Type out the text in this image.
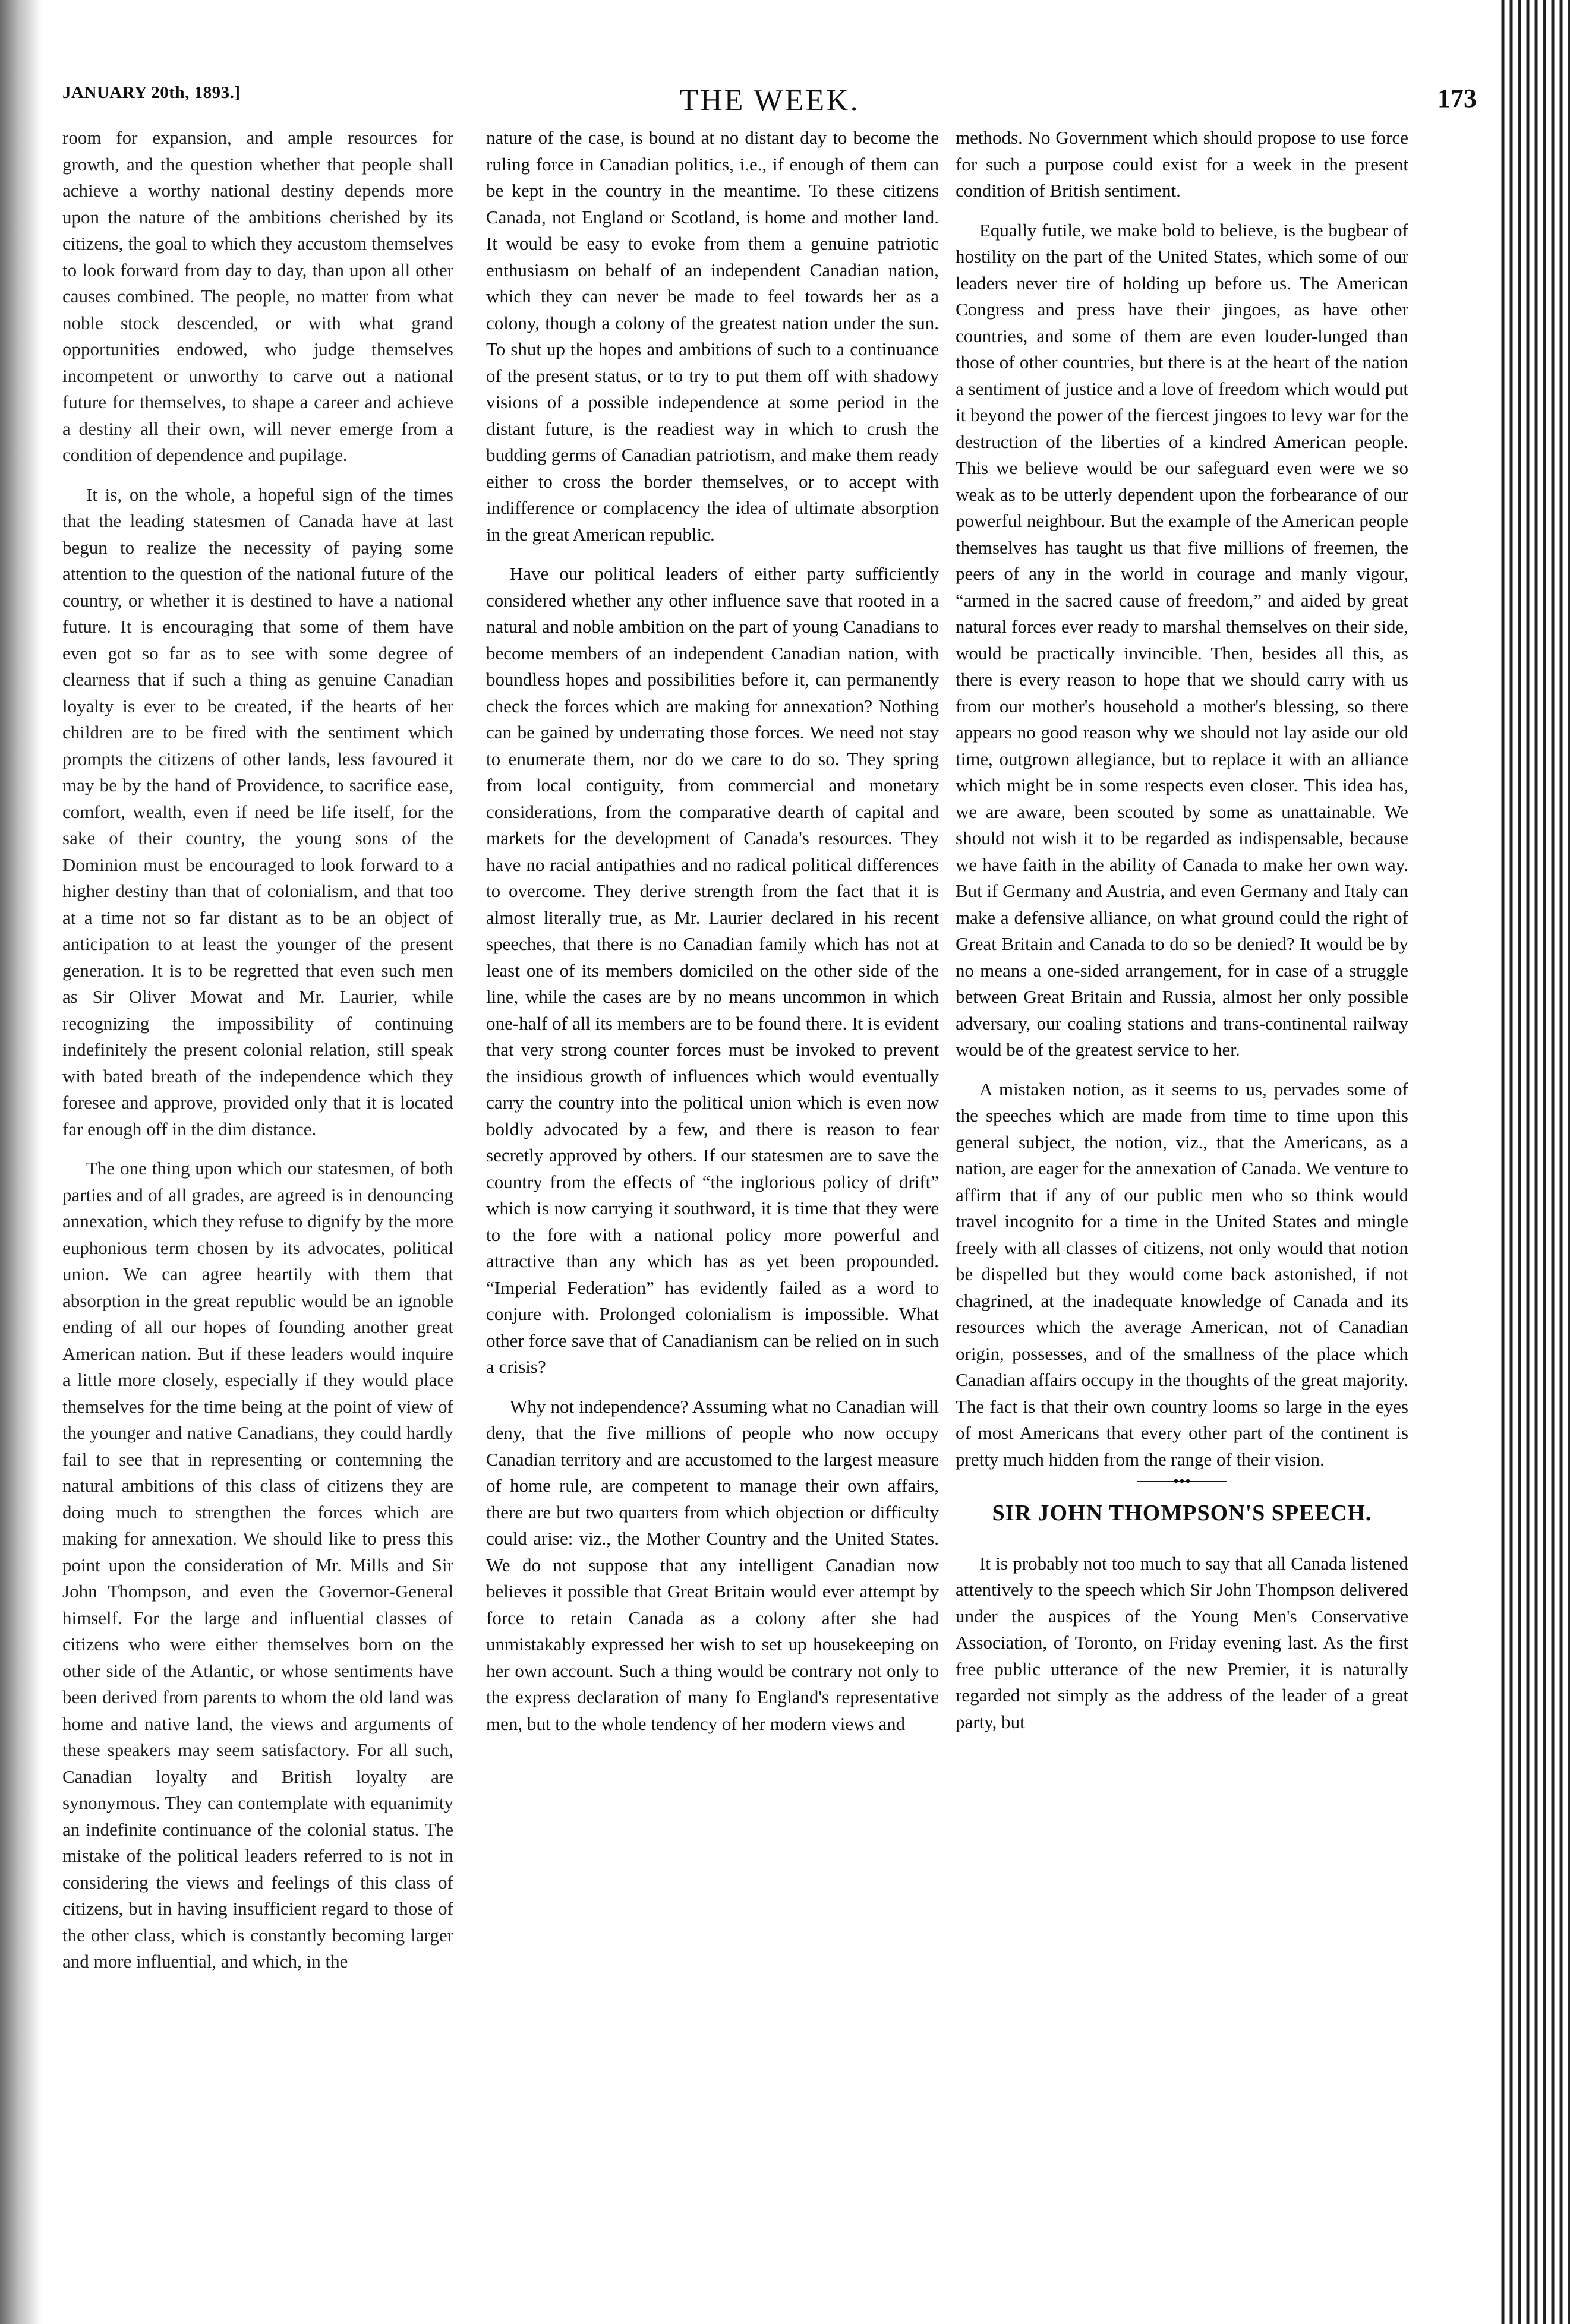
JANUARY 20th, 1893.]	THE WEEK.	173

room for expansion, and ample resources for growth, and the question whether that people shall achieve a worthy national destiny depends more upon the nature of the ambitions cherished by its citizens, the goal to which they accustom themselves to look forward from day to day, than upon all other causes combined. The people, no matter from what noble stock descended, or with what grand opportunities endowed, who judge themselves incompetent or unworthy to carve out a national future for themselves, to shape a career and achieve a destiny all their own, will never emerge from a condition of dependence and pupilage.

It is, on the whole, a hopeful sign of the times that the leading statesmen of Canada have at last begun to realize the necessity of paying some attention to the question of the national future of the country, or whether it is destined to have a national future. It is encouraging that some of them have even got so far as to see with some degree of clearness that if such a thing as genuine Canadian loyalty is ever to be created, if the hearts of her children are to be fired with the sentiment which prompts the citizens of other lands, less favoured it may be by the hand of Providence, to sacrifice ease, comfort, wealth, even if need be life itself, for the sake of their country, the young sons of the Dominion must be encouraged to look forward to a higher destiny than that of colonialism, and that too at a time not so far distant as to be an object of anticipation to at least the younger of the present generation. It is to be regretted that even such men as Sir Oliver Mowat and Mr. Laurier, while recognizing the impossibility of continuing indefinitely the present colonial relation, still speak with bated breath of the independence which they foresee and approve, provided only that it is located far enough off in the dim distance.

The one thing upon which our statesmen, of both parties and of all grades, are agreed is in denouncing annexation, which they refuse to dignify by the more euphonious term chosen by its advocates, political union. We can agree heartily with them that absorption in the great republic would be an ignoble ending of all our hopes of founding another great American nation. But if these leaders would inquire a little more closely, especially if they would place themselves for the time being at the point of view of the younger and native Canadians, they could hardly fail to see that in representing or contemning the natural ambitions of this class of citizens they are doing much to strengthen the forces which are making for annexation. We should like to press this point upon the consideration of Mr. Mills and Sir John Thompson, and even the Governor-General himself. For the large and influential classes of citizens who were either themselves born on the other side of the Atlantic, or whose sentiments have been derived from parents to whom the old land was home and native land, the views and arguments of these speakers may seem satisfactory. For all such, Canadian loyalty and British loyalty are synonymous. They can contemplate with equanimity an indefinite continuance of the colonial status. The mistake of the political leaders referred to is not in considering the views and feelings of this class of citizens, but in having insufficient regard to those of the other class, which is constantly becoming larger and more influential, and which, in the

nature of the case, is bound at no distant day to become the ruling force in Canadian politics, i.e., if enough of them can be kept in the country in the meantime. To these citizens Canada, not England or Scotland, is home and mother land. It would be easy to evoke from them a genuine patriotic enthusiasm on behalf of an independent Canadian nation, which they can never be made to feel towards her as a colony, though a colony of the greatest nation under the sun. To shut up the hopes and ambitions of such to a continuance of the present status, or to try to put them off with shadowy visions of a possible independence at some period in the distant future, is the readiest way in which to crush the budding germs of Canadian patriotism, and make them ready either to cross the border themselves, or to accept with indifference or complacency the idea of ultimate absorption in the great American republic.

Have our political leaders of either party sufficiently considered whether any other influence save that rooted in a natural and noble ambition on the part of young Canadians to become members of an independent Canadian nation, with boundless hopes and possibilities before it, can permanently check the forces which are making for annexation? Nothing can be gained by underrating those forces. We need not stay to enumerate them, nor do we care to do so. They spring from local contiguity, from commercial and monetary considerations, from the comparative dearth of capital and markets for the development of Canada's resources. They have no racial antipathies and no radical political differences to overcome. They derive strength from the fact that it is almost literally true, as Mr. Laurier declared in his recent speeches, that there is no Canadian family which has not at least one of its members domiciled on the other side of the line, while the cases are by no means uncommon in which one-half of all its members are to be found there. It is evident that very strong counter forces must be invoked to prevent the insidious growth of influences which would eventually carry the country into the political union which is even now boldly advocated by a few, and there is reason to fear secretly approved by others. If our statesmen are to save the country from the effects of “the inglorious policy of drift” which is now carrying it southward, it is time that they were to the fore with a national policy more powerful and attractive than any which has as yet been propounded. “Imperial Federation” has evidently failed as a word to conjure with. Prolonged colonialism is impossible. What other force save that of Canadianism can be relied on in such a crisis?

Why not independence? Assuming what no Canadian will deny, that the five millions of people who now occupy Canadian territory and are accustomed to the largest measure of home rule, are competent to manage their own affairs, there are but two quarters from which objection or difficulty could arise: viz., the Mother Country and the United States. We do not suppose that any intelligent Canadian now believes it possible that Great Britain would ever attempt by force to retain Canada as a colony after she had unmistakably expressed her wish to set up housekeeping on her own account. Such a thing would be contrary not only to the express declaration of many fo England's representative men, but to the whole tendency of her modern views and

methods. No Government which should propose to use force for such a purpose could exist for a week in the present condition of British sentiment.

Equally futile, we make bold to believe, is the bugbear of hostility on the part of the United States, which some of our leaders never tire of holding up before us. The American Congress and press have their jingoes, as have other countries, and some of them are even louder-lunged than those of other countries, but there is at the heart of the nation a sentiment of justice and a love of freedom which would put it beyond the power of the fiercest jingoes to levy war for the destruction of the liberties of a kindred American people. This we believe would be our safeguard even were we so weak as to be utterly dependent upon the forbearance of our powerful neighbour. But the example of the American people themselves has taught us that five millions of freemen, the peers of any in the world in courage and manly vigour, “armed in the sacred cause of freedom,” and aided by great natural forces ever ready to marshal themselves on their side, would be practically invincible. Then, besides all this, as there is every reason to hope that we should carry with us from our mother's household a mother's blessing, so there appears no good reason why we should not lay aside our old time, outgrown allegiance, but to replace it with an alliance which might be in some respects even closer. This idea has, we are aware, been scouted by some as unattainable. We should not wish it to be regarded as indispensable, because we have faith in the ability of Canada to make her own way. But if Germany and Austria, and even Germany and Italy can make a defensive alliance, on what ground could the right of Great Britain and Canada to do so be denied? It would be by no means a one-sided arrangement, for in case of a struggle between Great Britain and Russia, almost her only possible adversary, our coaling stations and trans-continental railway would be of the greatest service to her.

A mistaken notion, as it seems to us, pervades some of the speeches which are made from time to time upon this general subject, the notion, viz., that the Americans, as a nation, are eager for the annexation of Canada. We venture to affirm that if any of our public men who so think would travel incognito for a time in the United States and mingle freely with all classes of citizens, not only would that notion be dispelled but they would come back astonished, if not chagrined, at the inadequate knowledge of Canada and its resources which the average American, not of Canadian origin, possesses, and of the smallness of the place which Canadian affairs occupy in the thoughts of the great majority. The fact is that their own country looms so large in the eyes of most Americans that every other part of the continent is pretty much hidden from the range of their vision.

SIR JOHN THOMPSON'S SPEECH.

It is probably not too much to say that all Canada listened attentively to the speech which Sir John Thompson delivered under the auspices of the Young Men's Conservative Association, of Toronto, on Friday evening last. As the first free public utterance of the new Premier, it is naturally regarded not simply as the address of the leader of a great party, but
